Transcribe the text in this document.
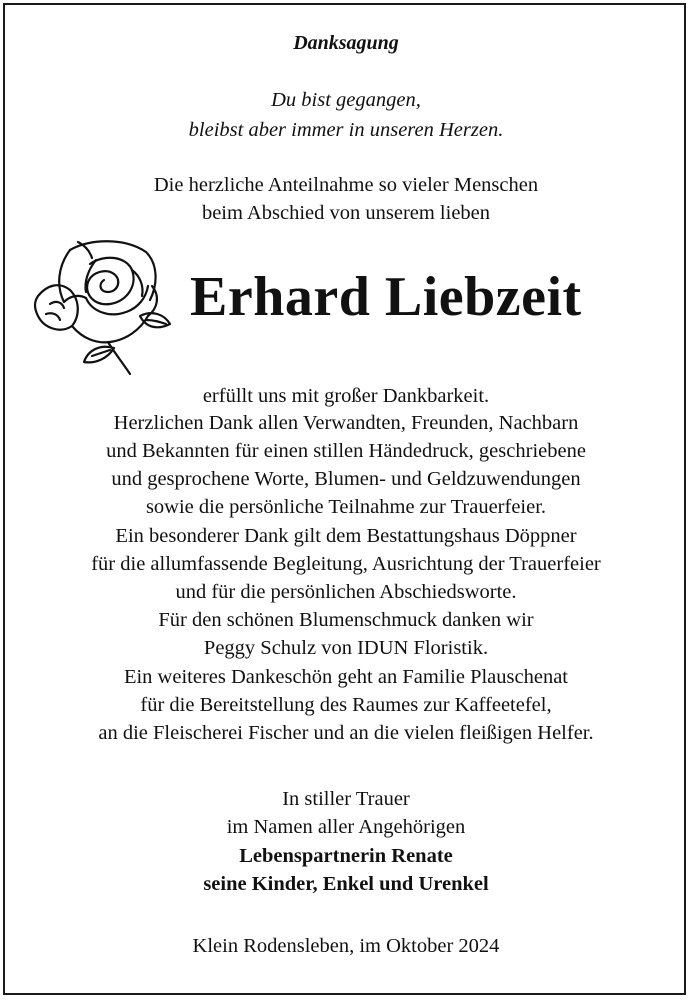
Danksagung
Du bist gegangen,
bleibst aber immer in unseren Herzen.
Die herzliche Anteilnahme so vieler Menschen
beim Abschied von unserem lieben
Erhard Liebzeit
erfüllt uns mit großer Dankbarkeit.
Herzlichen Dank allen Verwandten, Freunden, Nachbarn
und Bekannten für einen stillen Händedruck, geschriebene
und gesprochene Worte, Blumen- und Geldzuwendungen
sowie die persönliche Teilnahme zur Trauerfeier.
Ein besonderer Dank gilt dem Bestattungshaus Döppner
für die allumfassende Begleitung, Ausrichtung der Trauerfeier
und für die persönlichen Abschiedsworte.
Für den schönen Blumenschmuck danken wir
Peggy Schulz von IDUN Floristik.
Ein weiteres Dankeschön geht an Familie Plauschenat
für die Bereitstellung des Raumes zur Kaffeetefel,
an die Fleischerei Fischer und an die vielen fleißigen Helfer.
In stiller Trauer
im Namen aller Angehörigen
Lebenspartnerin Renate
seine Kinder, Enkel und Urenkel
Klein Rodensleben, im Oktober 2024
